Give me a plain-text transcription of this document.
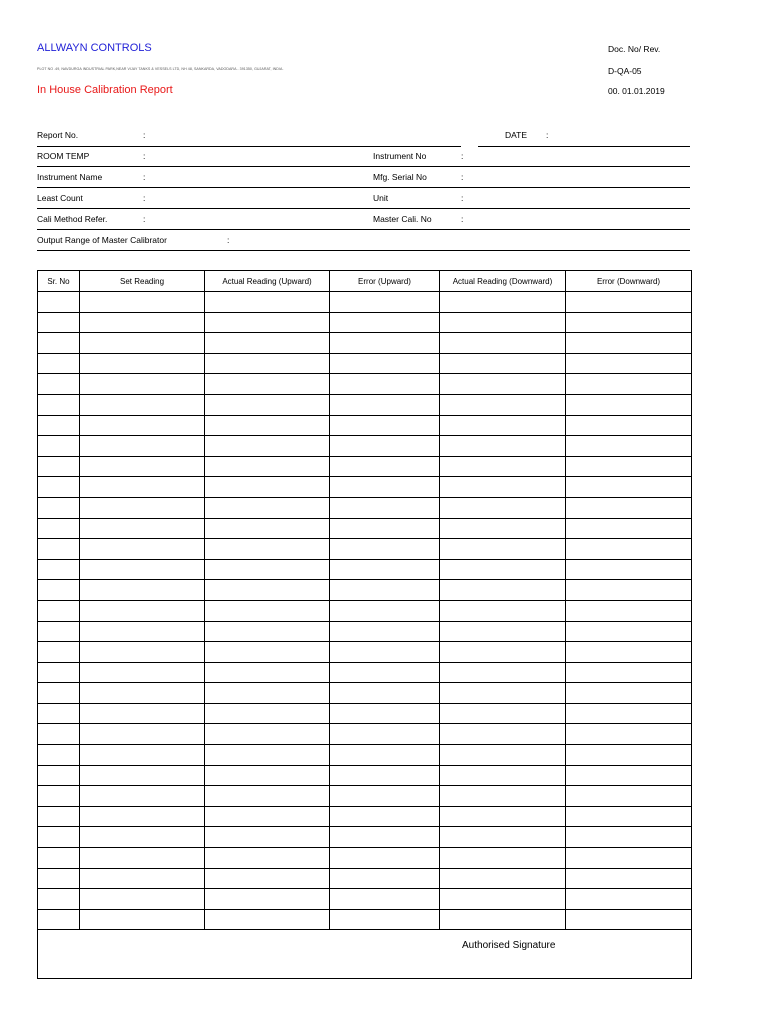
ALLWAYN CONTROLS
PLOT NO .49, NAVDURGA INDUSTRIAL PARK,NEAR VIJAY TANKS & VESSELS LTD, NH 48, SANKARDA, VADODARA - 391350, GUJARAT, INDIA.
In House Calibration Report
Doc. No/ Rev.
D-QA-05
00. 01.01.2019
Report No.	:	DATE :
ROOM TEMP	:	Instrument No	:
Instrument Name	:	Mfg. Serial No	:
Least Count	:	Unit	:
Cali Method Refer.	:	Master Cali. No	:
Output Range of Master Calibrator	:
Sr. No	Set Reading	Actual Reading (Upward)	Error (Upward)	Actual Reading (Downward)	Error (Downward)

Authorised Signature
